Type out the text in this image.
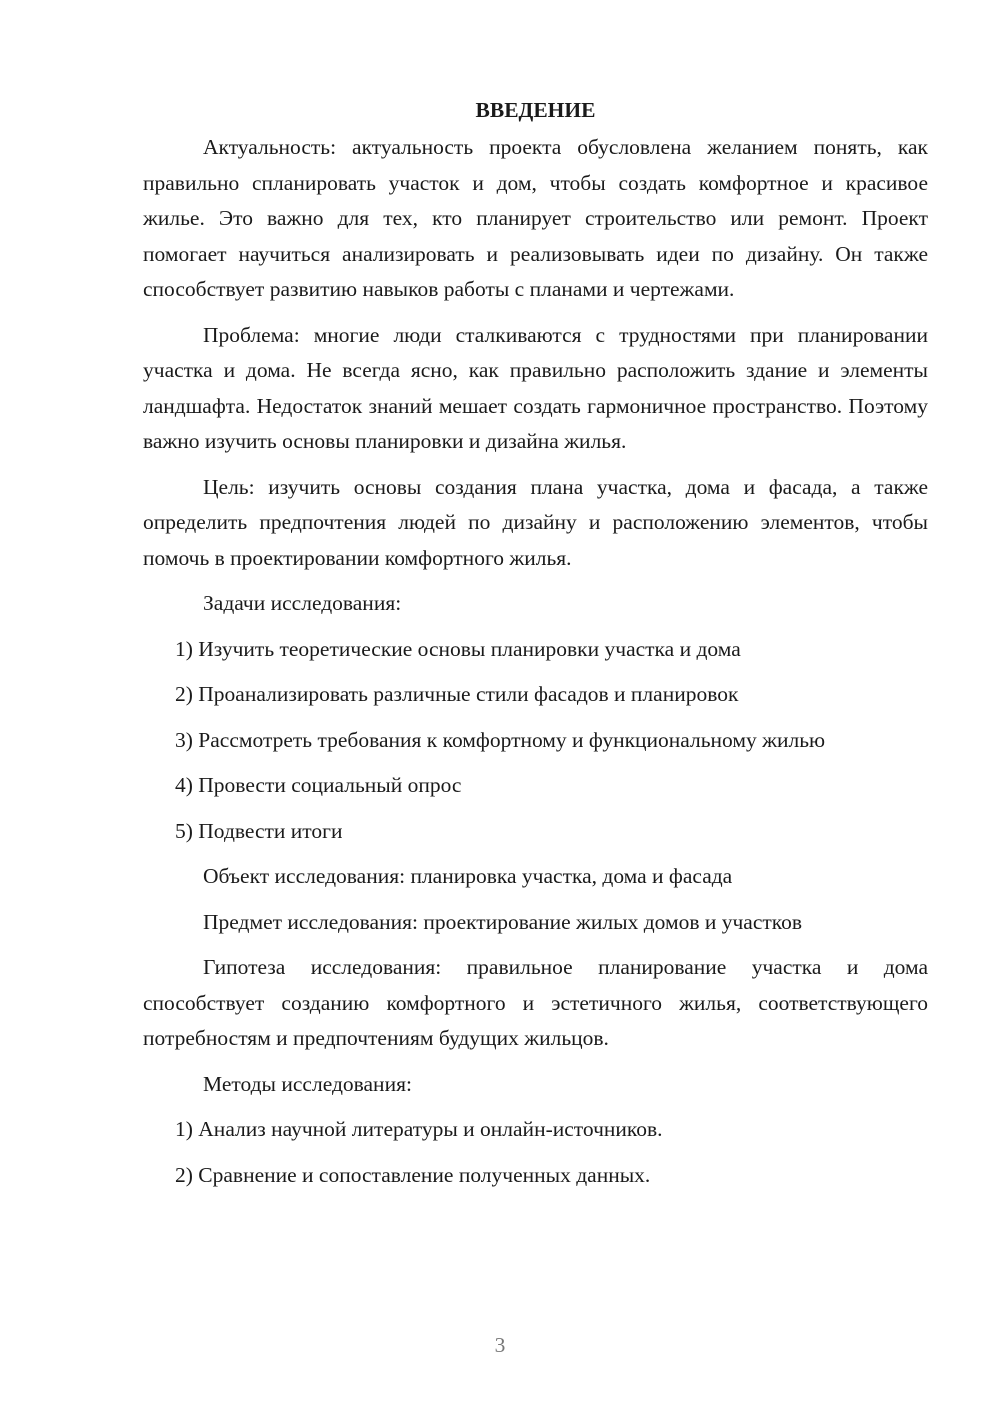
ВВЕДЕНИЕ

Актуальность: актуальность проекта обусловлена желанием понять, как правильно спланировать участок и дом, чтобы создать комфортное и красивое жилье. Это важно для тех, кто планирует строительство или ремонт. Проект помогает научиться анализировать и реализовывать идеи по дизайну. Он также способствует развитию навыков работы с планами и чертежами.

Проблема: многие люди сталкиваются с трудностями при планировании участка и дома. Не всегда ясно, как правильно расположить здание и элементы ландшафта. Недостаток знаний мешает создать гармоничное пространство. Поэтому важно изучить основы планировки и дизайна жилья.

Цель: изучить основы создания плана участка, дома и фасада, а также определить предпочтения людей по дизайну и расположению элементов, чтобы помочь в проектировании комфортного жилья.

Задачи исследования:

1) Изучить теоретические основы планировки участка и дома

2) Проанализировать различные стили фасадов и планировок

3) Рассмотреть требования к комфортному и функциональному жилью

4) Провести социальный опрос

5) Подвести итоги

Объект исследования: планировка участка, дома и фасада

Предмет исследования: проектирование жилых домов и участков

Гипотеза исследования: правильное планирование участка и дома способствует созданию комфортного и эстетичного жилья, соответствующего потребностям и предпочтениям будущих жильцов.

Методы исследования:

1) Анализ научной литературы и онлайн-источников.

2) Сравнение и сопоставление полученных данных.

3
